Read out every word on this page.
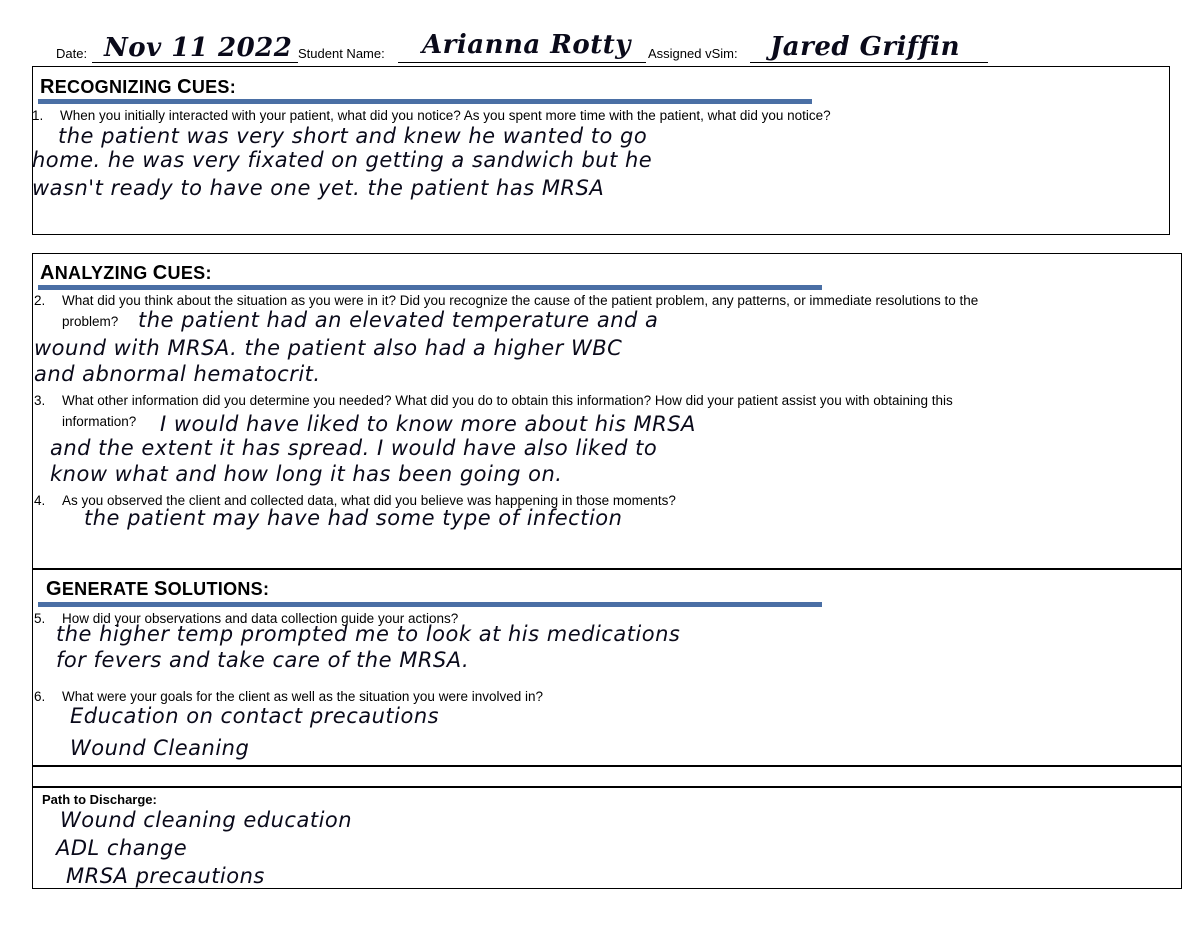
Date: Nov 11 2022 Student Name: Arianna Rotty Assigned vSim: Jared Griffin
RECOGNIZING CUES:
1. When you initially interacted with your patient, what did you notice? As you spent more time with the patient, what did you notice?
the patient was very short and knew he wanted to go
home. he was very fixated on getting a sandwich but he
wasn't ready to have one yet. the patient has MRSA
ANALYZING CUES:
2. What did you think about the situation as you were in it? Did you recognize the cause of the patient problem, any patterns, or immediate resolutions to the
problem? the patient had an elevated temperature and a
wound with MRSA. the patient also had a higher WBC
and abnormal hematocrit.
3. What other information did you determine you needed? What did you do to obtain this information? How did your patient assist you with obtaining this
information? I would have liked to know more about his MRSA
and the extent it has spread. I would have also liked to
know what and how long it has been going on.
4. As you observed the client and collected data, what did you believe was happening in those moments?
the patient may have had some type of infection
GENERATE SOLUTIONS:
5. How did your observations and data collection guide your actions?
the higher temp prompted me to look at his medications
for fevers and take care of the MRSA.
6. What were your goals for the client as well as the situation you were involved in?
Education on contact precautions
Wound Cleaning
Path to Discharge:
Wound cleaning education
ADL change
MRSA precautions
